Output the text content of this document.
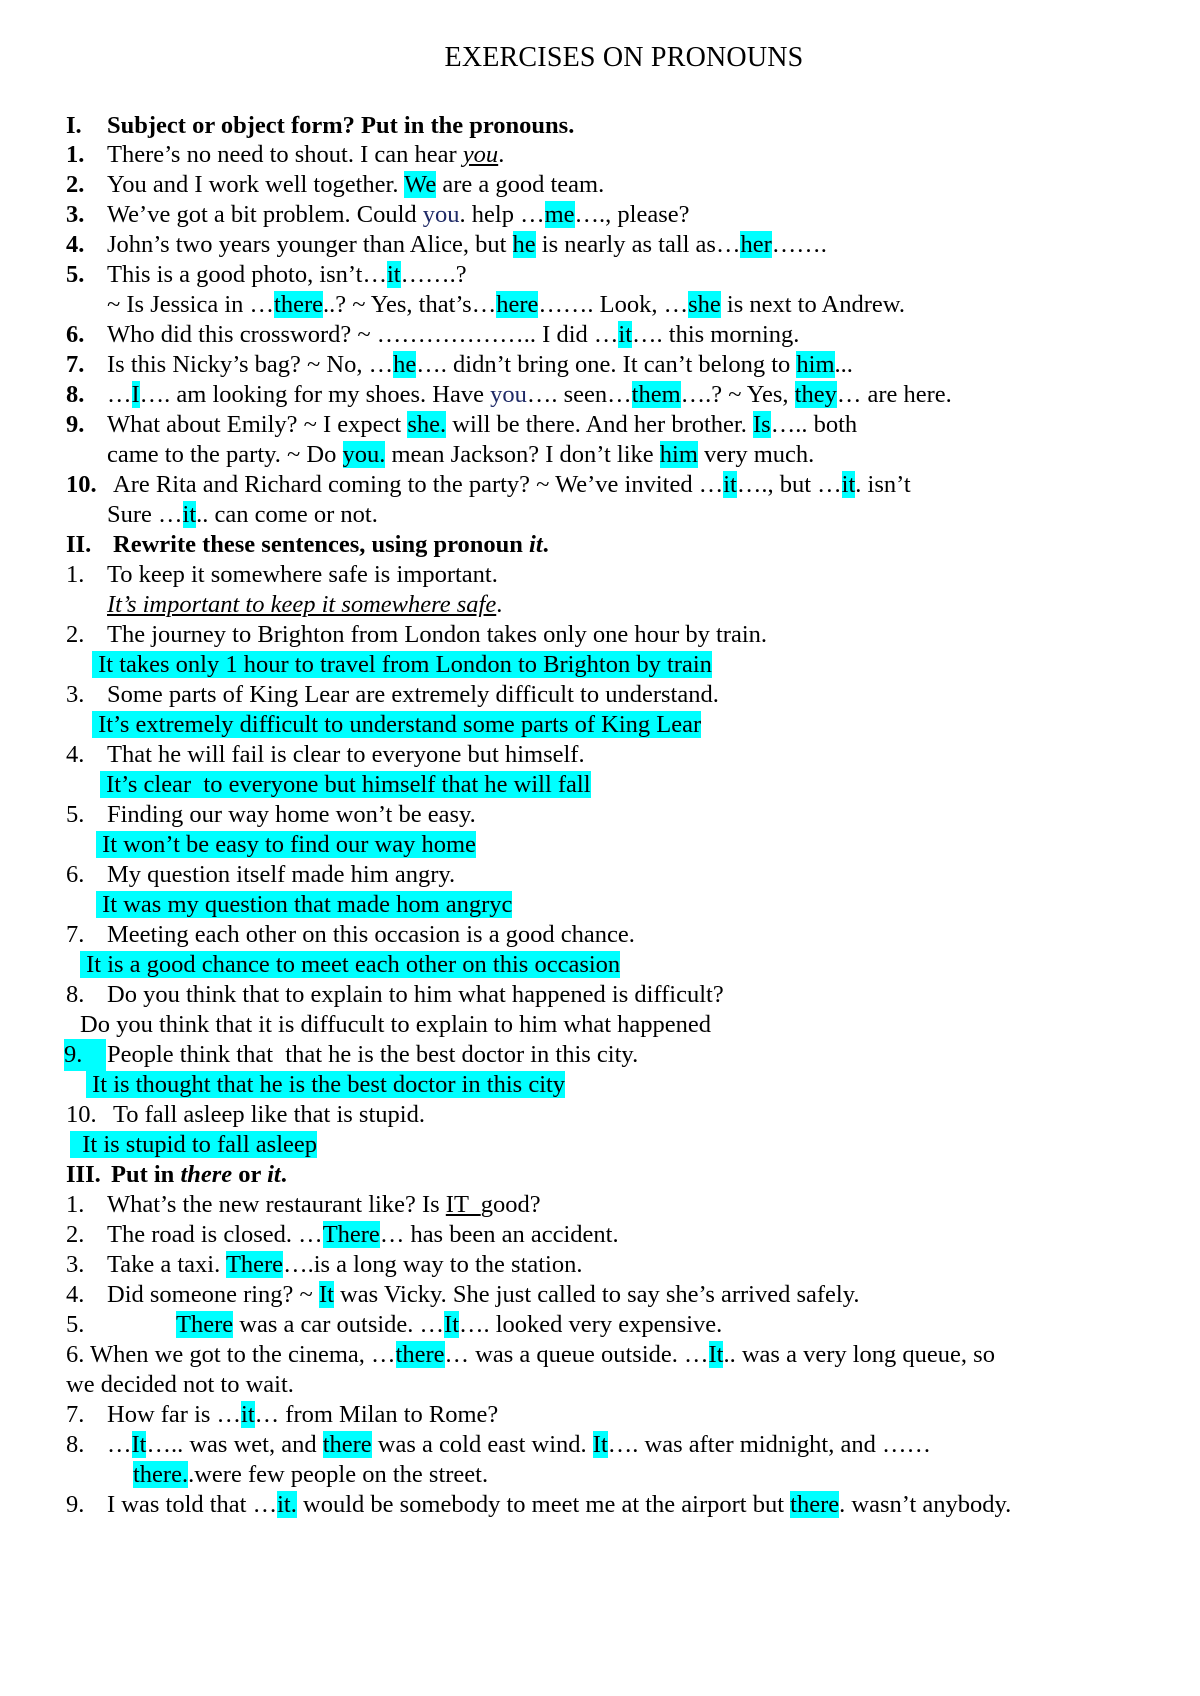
EXERCISES ON PRONOUNS
I. Subject or object form? Put in the pronouns.
1. There’s no need to shout. I can hear you.
2. You and I work well together. We are a good team.
3. We’ve got a bit problem. Could you. help …me…., please?
4. John’s two years younger than Alice, but he is nearly as tall as…her…….
5. This is a good photo, isn’t…it…….?
~ Is Jessica in …there..? ~ Yes, that’s…here……. Look, …she is next to Andrew.
6. Who did this crossword? ~ ……………….. I did …it…. this morning.
7. Is this Nicky’s bag? ~ No, …he…. didn’t bring one. It can’t belong to him...
8. …I…. am looking for my shoes. Have you…. seen…them….? ~ Yes, they… are here.
9. What about Emily? ~ I expect she. will be there. And her brother. Is….. both
came to the party. ~ Do you. mean Jackson? I don’t like him very much.
10. Are Rita and Richard coming to the party? ~ We’ve invited …it…., but …it. isn’t
Sure …it.. can come or not.
II. Rewrite these sentences, using pronoun it.
1. To keep it somewhere safe is important.
It’s important to keep it somewhere safe.
2. The journey to Brighton from London takes only one hour by train.
It takes only 1 hour to travel from London to Brighton by train
3. Some parts of King Lear are extremely difficult to understand.
It’s extremely difficult to understand some parts of King Lear
4. That he will fail is clear to everyone but himself.
It’s clear  to everyone but himself that he will fall
5. Finding our way home won’t be easy.
It won’t be easy to find our way home
6. My question itself made him angry.
It was my question that made hom angryc
7. Meeting each other on this occasion is a good chance.
It is a good chance to meet each other on this occasion
8. Do you think that to explain to him what happened is difficult?
Do you think that it is diffucult to explain to him what happened
9.	People think that  that he is the best doctor in this city.
It is thought that he is the best doctor in this city
10. To fall asleep like that is stupid.
It is stupid to fall asleep
III. Put in there or it.
1. What’s the new restaurant like? Is IT  good?
2. The road is closed. …There… has been an accident.
3. Take a taxi. There….is a long way to the station.
4. Did someone ring? ~ It was Vicky. She just called to say she’s arrived safely.
5.	There was a car outside. …It…. looked very expensive.
6. When we got to the cinema, …there… was a queue outside. …It.. was a very long queue, so
we decided not to wait.
7. How far is …it… from Milan to Rome?
8. …It….. was wet, and there was a cold east wind. It…. was after midnight, and ……
there..were few people on the street.
9. I was told that …it. would be somebody to meet me at the airport but there. wasn’t anybody.
